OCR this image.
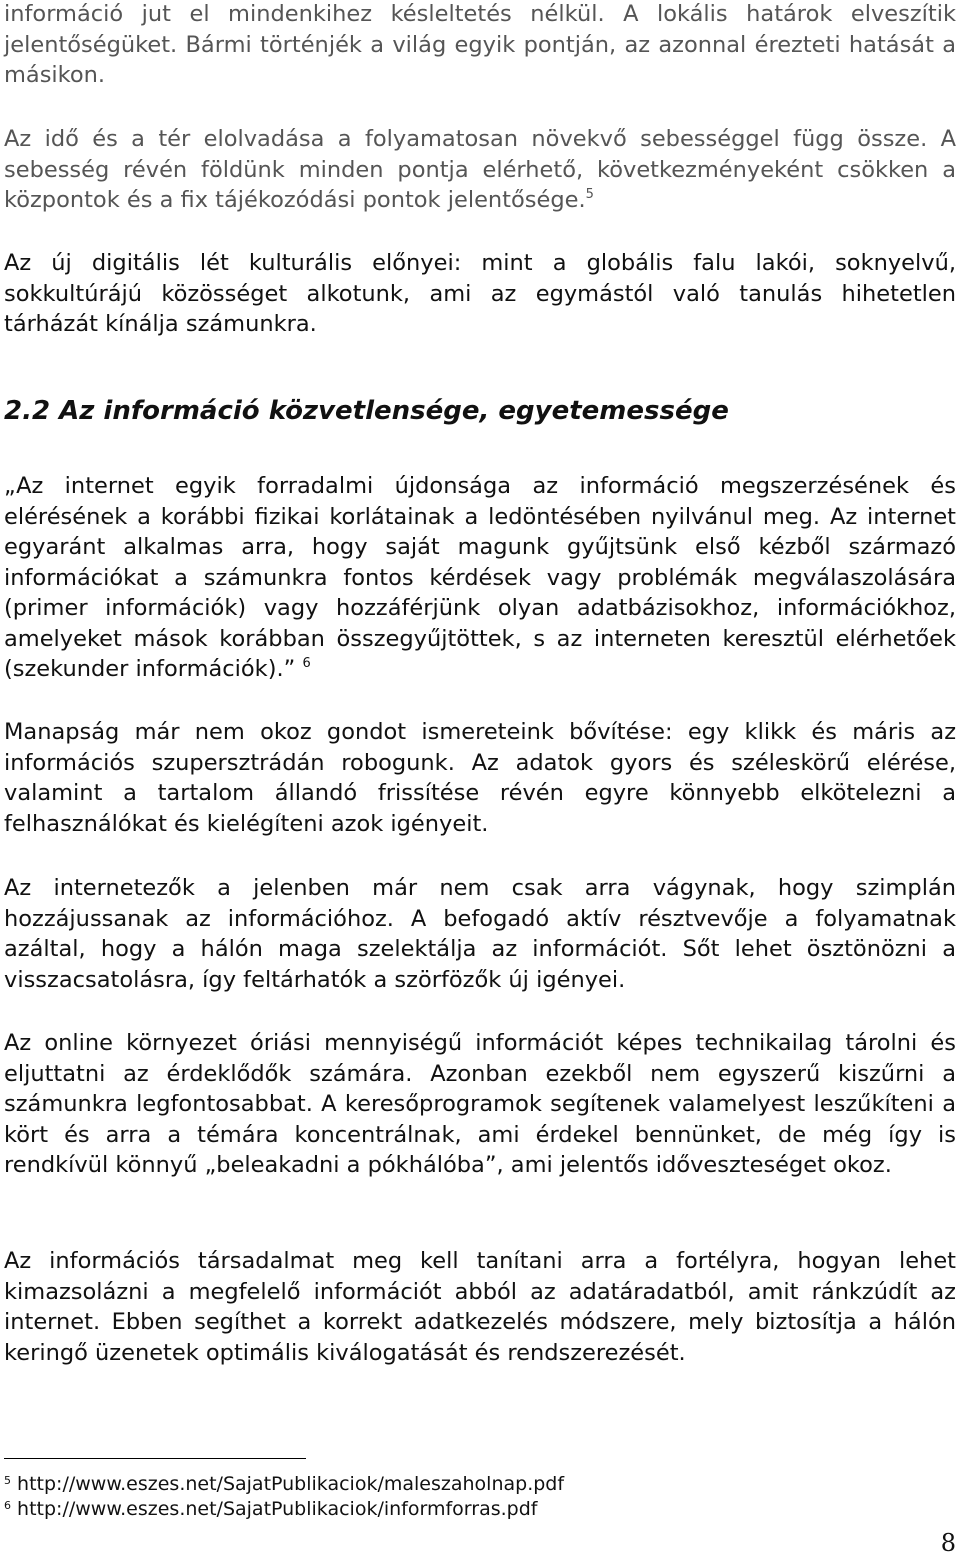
információ jut el mindenkihez késleltetés nélkül. A lokális határok elveszítik jelentőségüket. Bármi történjék a világ egyik pontján, az azonnal érezteti hatását a másikon.

Az idő és a tér elolvadása a folyamatosan növekvő sebességgel függ össze. A sebesség révén földünk minden pontja elérhető, következményeként csökken a központok és a fix tájékozódási pontok jelentősége.$^5$

Az új digitális lét kulturális előnyei: mint a globális falu lakói, soknyelvű, sokkultúrájú közösséget alkotunk, ami az egymástól való tanulás hihetetlen tárházát kínálja számunkra.

2.2 Az információ közvetlensége, egyetemessége

„Az internet egyik forradalmi újdonsága az információ megszerzésének és elérésének a korábbi fizikai korlátainak a ledöntésében nyilvánul meg. Az internet egyaránt alkalmas arra, hogy saját magunk gyűjtsünk első kézből származó információkat a számunkra fontos kérdések vagy problémák megválaszolására (primer információk) vagy hozzáférjünk olyan adatbázisokhoz, információkhoz, amelyeket mások korábban összegyűjtöttek, s az interneten keresztül elérhetőek (szekunder információk).” $^6$

Manapság már nem okoz gondot ismereteink bővítése: egy klikk és máris az információs szupersztrádán robogunk. Az adatok gyors és széleskörű elérése, valamint a tartalom állandó frissítése révén egyre könnyebb elkötelezni a felhasználókat és kielégíteni azok igényeit.

Az internetezők a jelenben már nem csak arra vágynak, hogy szimplán hozzájussanak az információhoz. A befogadó aktív résztvevője a folyamatnak azáltal, hogy a hálón maga szelektálja az információt. Sőt lehet ösztönözni a visszacsatolásra, így feltárhatók a szörfözők új igényei.

Az online környezet óriási mennyiségű információt képes technikailag tárolni és eljuttatni az érdeklődők számára. Azonban ezekből nem egyszerű kiszűrni a számunkra legfontosabbat. A keresőprogramok segítenek valamelyest leszűkíteni a kört és arra a témára koncentrálnak, ami érdekel bennünket, de még így is rendkívül könnyű „beleakadni a pókhálóba”, ami jelentős időveszteséget okoz.

Az információs társadalmat meg kell tanítani arra a fortélyra, hogyan lehet kimazsolázni a megfelelő információt abból az adatáradatból, amit ránkzúdít az internet. Ebben segíthet a korrekt adatkezelés módszere, mely biztosítja a hálón keringő üzenetek optimális kiválogatását és rendszerezését.

$^5$ http://www.eszes.net/SajatPublikaciok/maleszaholnap.pdf
$^6$ http://www.eszes.net/SajatPublikaciok/informforras.pdf
8
